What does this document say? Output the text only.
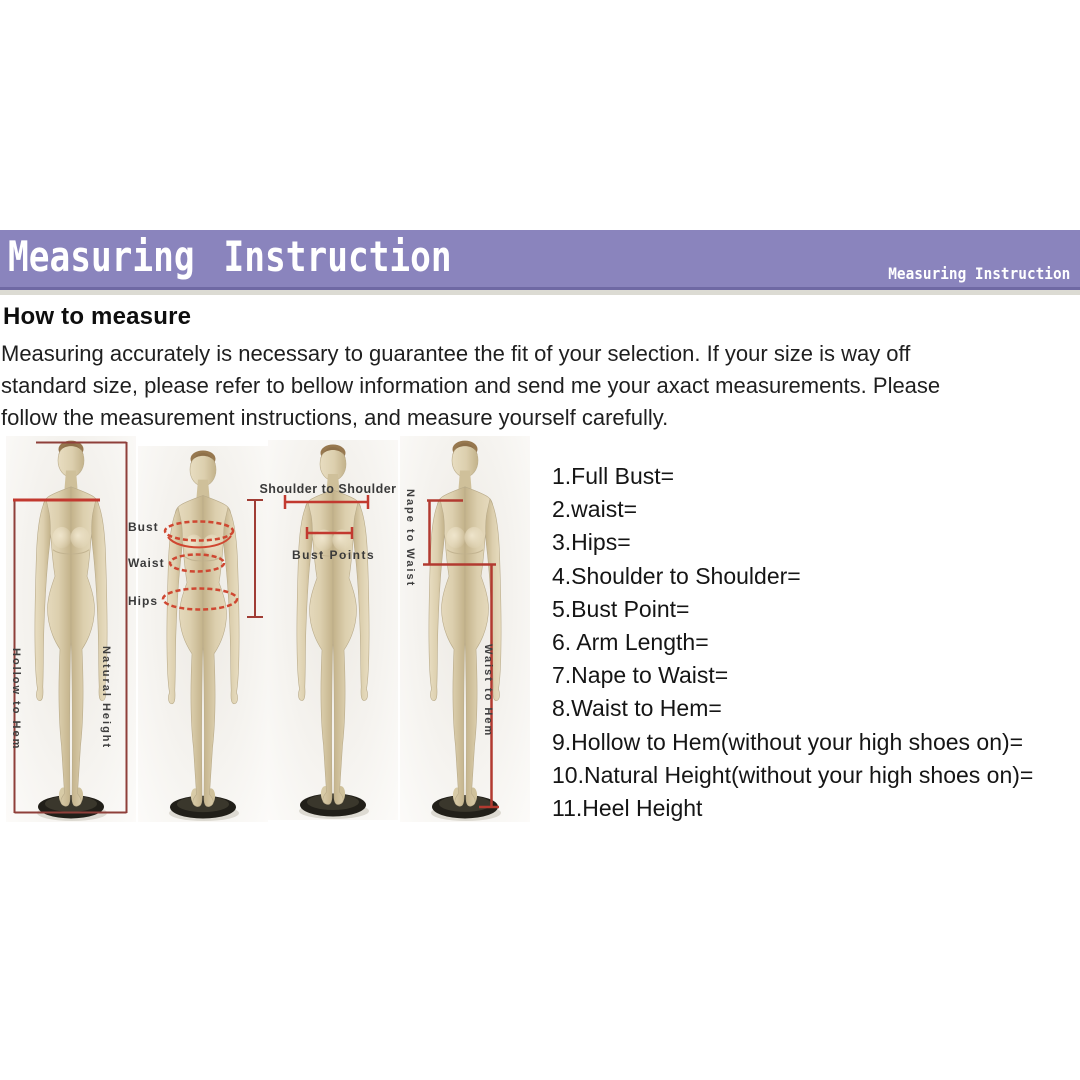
Measuring Instruction	Measuring Instruction
How to measure
Measuring accurately is necessary to guarantee the fit of your selection. If your size is way off
standard size, please refer to bellow information and send me your axact measurements. Please
follow the measurement instructions, and measure yourself carefully.
Hollow to Hem	Natural Height
Bust
Waist
Hips
Shoulder to Shoulder
Bust Points	Nape to Waist
Waist to Hem
1.Full Bust=
2.waist=
3.Hips=
4.Shoulder to Shoulder=
5.Bust Point=
6. Arm Length=
7.Nape to Waist=
8.Waist to Hem=
9.Hollow to Hem(without your high shoes on)=
10.Natural Height(without your high shoes on)=
11.Heel Height
